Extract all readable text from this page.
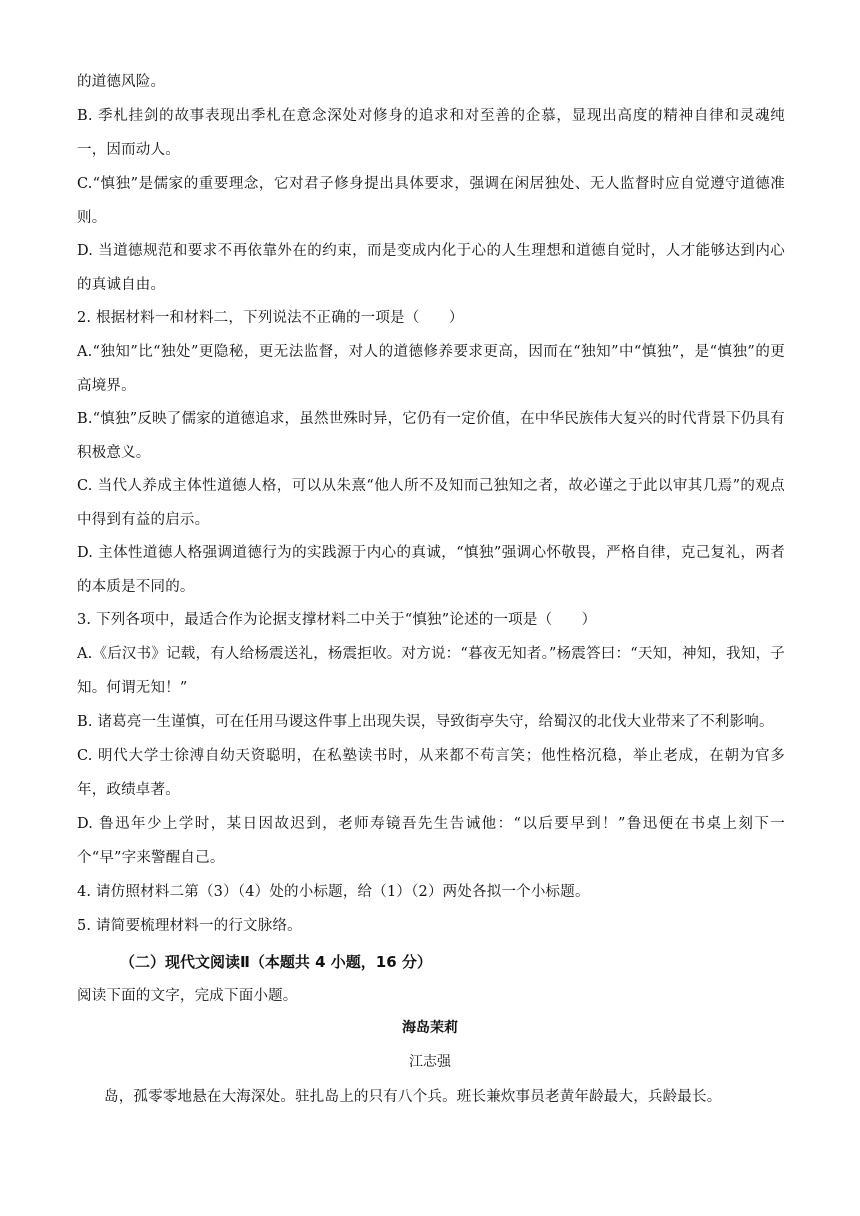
的道德风险。

B. 季札挂剑的故事表现出季札在意念深处对修身的追求和对至善的企慕，显现出高度的精神自律和灵魂纯一，因而动人。

C.“慎独”是儒家的重要理念，它对君子修身提出具体要求，强调在闲居独处、无人监督时应自觉遵守道德准则。

D. 当道德规范和要求不再依靠外在的约束，而是变成内化于心的人生理想和道德自觉时，人才能够达到内心的真诚自由。

2. 根据材料一和材料二，下列说法不正确的一项是（　　）

A.“独知”比“独处”更隐秘，更无法监督，对人的道德修养要求更高，因而在“独知”中“慎独”，是“慎独”的更高境界。

B.“慎独”反映了儒家的道德追求，虽然世殊时异，它仍有一定价值，在中华民族伟大复兴的时代背景下仍具有积极意义。

C. 当代人养成主体性道德人格，可以从朱熹“他人所不及知而己独知之者，故必谨之于此以审其几焉”的观点中得到有益的启示。

D. 主体性道德人格强调道德行为的实践源于内心的真诚，“慎独”强调心怀敬畏，严格自律，克己复礼，两者的本质是不同的。

3. 下列各项中，最适合作为论据支撑材料二中关于“慎独”论述的一项是（　　）

A.《后汉书》记载，有人给杨震送礼，杨震拒收。对方说：“暮夜无知者。”杨震答曰：“天知，神知，我知，子知。何谓无知！”

B. 诸葛亮一生谨慎，可在任用马谡这件事上出现失误，导致街亭失守，给蜀汉的北伐大业带来了不利影响。

C. 明代大学士徐溥自幼天资聪明，在私塾读书时，从来都不苟言笑；他性格沉稳，举止老成，在朝为官多年，政绩卓著。

D. 鲁迅年少上学时，某日因故迟到，老师寿镜吾先生告诫他：“以后要早到！”鲁迅便在书桌上刻下一个“早”字来警醒自己。

4. 请仿照材料二第（3）（4）处的小标题，给（1）（2）两处各拟一个小标题。

5. 请简要梳理材料一的行文脉络。

（二）现代文阅读Ⅱ（本题共 4 小题，16 分）

阅读下面的文字，完成下面小题。

海岛茉莉
江志强

岛，孤零零地悬在大海深处。驻扎岛上的只有八个兵。班长兼炊事员老黄年龄最大，兵龄最长。
